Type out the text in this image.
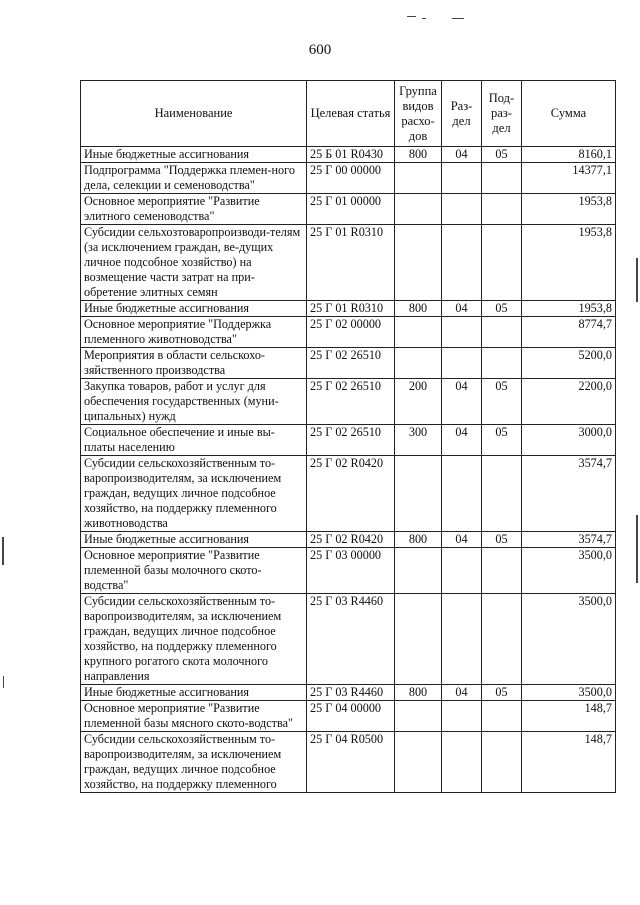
600
Наименование	Целевая статья	Группа видов расхо-дов	Раз-дел	Под-раз-дел	Сумма
Иные бюджетные ассигнования	25 Б 01 R0430	800	04	05	8160,1
Подпрограмма "Поддержка племен-ного дела, селекции и семеноводства"	25 Г 00 00000				14377,1
Основное мероприятие "Развитие элитного семеноводства"	25 Г 01 00000				1953,8
Субсидии сельхозтоваропроизводи-телям (за исключением граждан, ве-дущих личное подсобное хозяйство) на возмещение части затрат на при-обретение элитных семян	25 Г 01 R0310				1953,8
Иные бюджетные ассигнования	25 Г 01 R0310	800	04	05	1953,8
Основное мероприятие "Поддержка племенного животноводства"	25 Г 02 00000				8774,7
Мероприятия в области сельскохо-зяйственного производства	25 Г 02 26510				5200,0
Закупка товаров, работ и услуг для обеспечения государственных (муни-ципальных) нужд	25 Г 02 26510	200	04	05	2200,0
Социальное обеспечение и иные вы-платы населению	25 Г 02 26510	300	04	05	3000,0
Субсидии сельскохозяйственным то-варопроизводителям, за исключением граждан, ведущих личное подсобное хозяйство, на поддержку племенного животноводства	25 Г 02 R0420				3574,7
Иные бюджетные ассигнования	25 Г 02 R0420	800	04	05	3574,7
Основное мероприятие "Развитие племенной базы молочного ското-водства"	25 Г 03 00000				3500,0
Субсидии сельскохозяйственным то-варопроизводителям, за исключением граждан, ведущих личное подсобное хозяйство, на поддержку племенного крупного рогатого скота молочного направления	25 Г 03 R4460				3500,0
Иные бюджетные ассигнования	25 Г 03 R4460	800	04	05	3500,0
Основное мероприятие "Развитие племенной базы мясного ското-водства"	25 Г 04 00000				148,7
Субсидии сельскохозяйственным то-варопроизводителям, за исключением граждан, ведущих личное подсобное хозяйство, на поддержку племенного	25 Г 04 R0500				148,7
